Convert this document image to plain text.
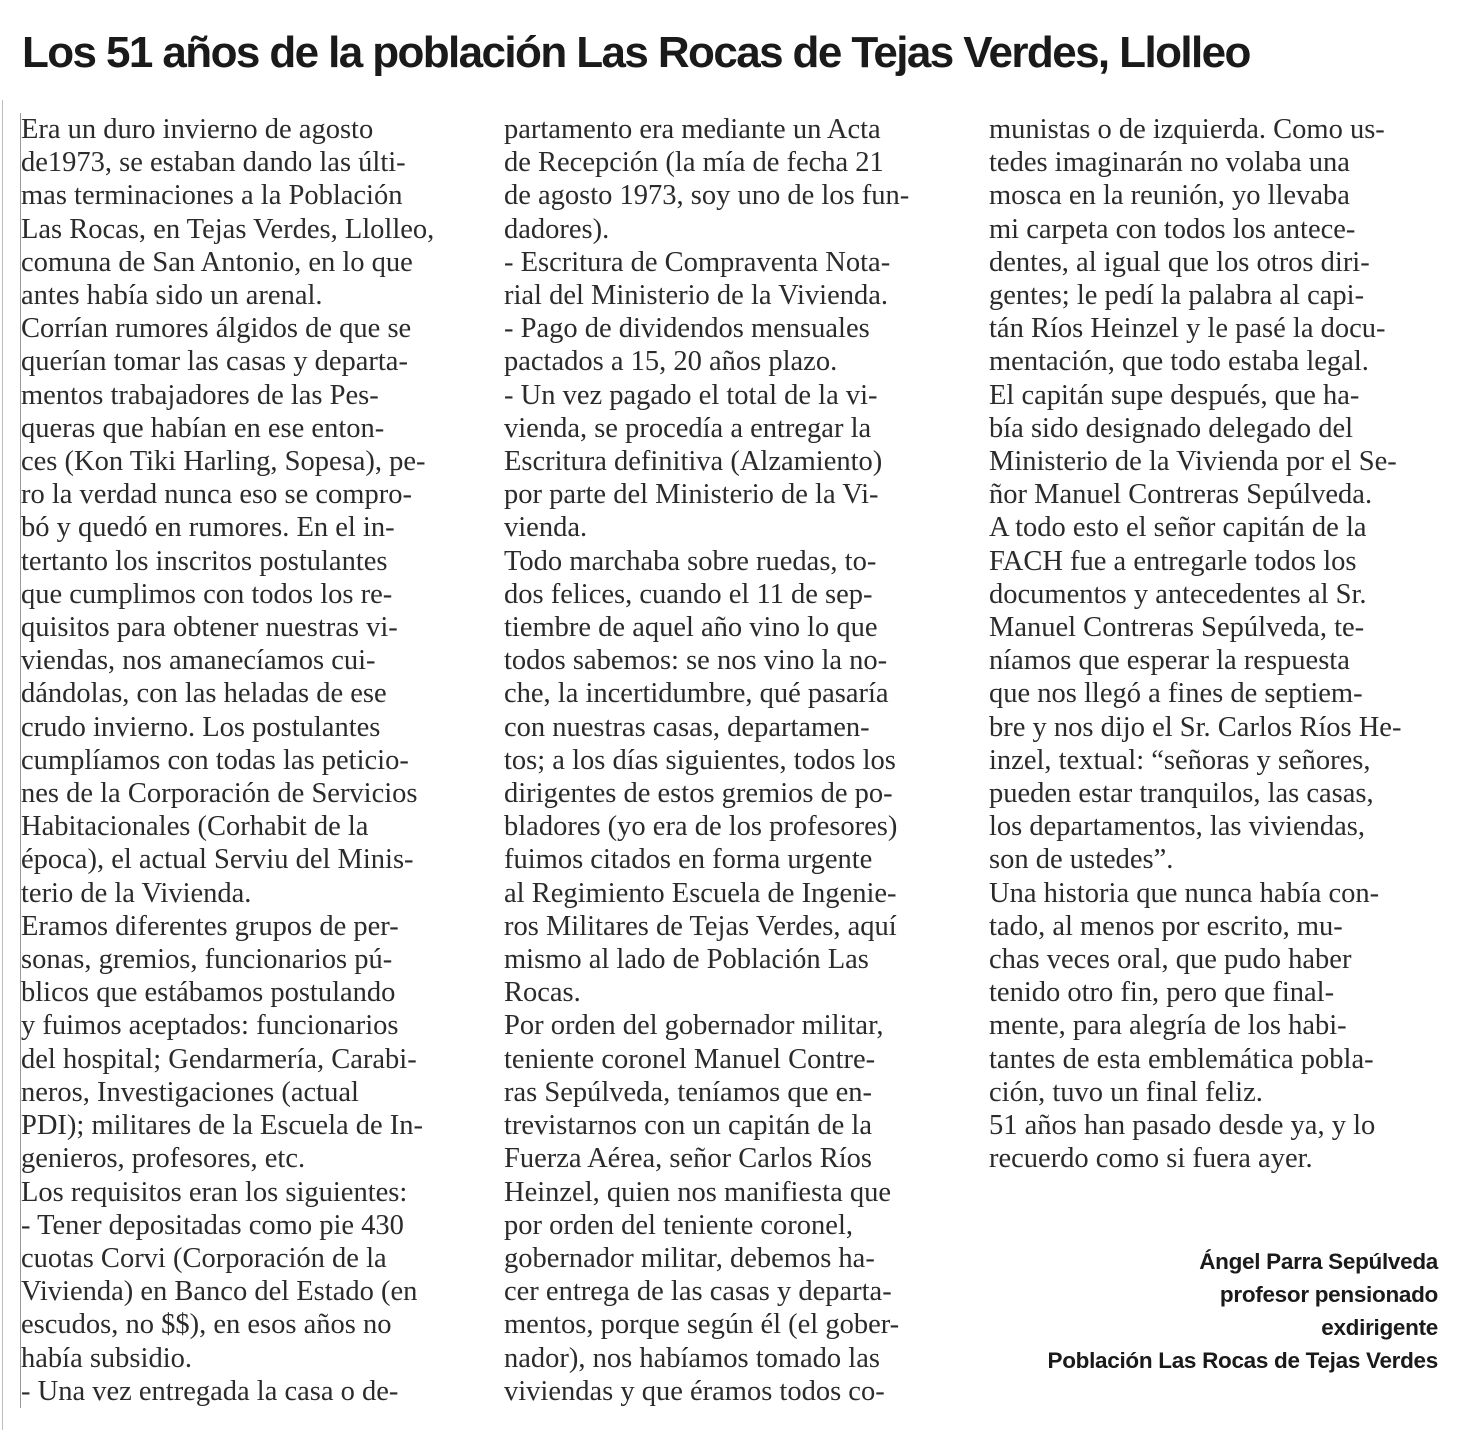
Los 51 años de la población Las Rocas de Tejas Verdes, Llolleo
Era un duro invierno de agosto
de1973, se estaban dando las últi-
mas terminaciones a la Población
Las Rocas, en Tejas Verdes, Llolleo,
comuna de San Antonio, en lo que
antes había sido un arenal.
Corrían rumores álgidos de que se
querían tomar las casas y departa-
mentos trabajadores de las Pes-
queras que habían en ese enton-
ces (Kon Tiki Harling, Sopesa), pe-
ro la verdad nunca eso se compro-
bó y quedó en rumores. En el in-
tertanto los inscritos postulantes
que cumplimos con todos los re-
quisitos para obtener nuestras vi-
viendas, nos amanecíamos cui-
dándolas, con las heladas de ese
crudo invierno. Los postulantes
cumplíamos con todas las peticio-
nes de la Corporación de Servicios
Habitacionales (Corhabit de la
época), el actual Serviu del Minis-
terio de la Vivienda.
Eramos diferentes grupos de per-
sonas, gremios, funcionarios pú-
blicos que estábamos postulando
y fuimos aceptados: funcionarios
del hospital; Gendarmería, Carabi-
neros, Investigaciones (actual
PDI); militares de la Escuela de In-
genieros, profesores, etc.
Los requisitos eran los siguientes:
- Tener depositadas como pie 430
cuotas Corvi (Corporación de la
Vivienda) en Banco del Estado (en
escudos, no $$), en esos años no
había subsidio.
- Una vez entregada la casa o de-
partamento era mediante un Acta
de Recepción (la mía de fecha 21
de agosto 1973, soy uno de los fun-
dadores).
- Escritura de Compraventa Nota-
rial del Ministerio de la Vivienda.
- Pago de dividendos mensuales
pactados a 15, 20 años plazo.
- Un vez pagado el total de la vi-
vienda, se procedía a entregar la
Escritura definitiva (Alzamiento)
por parte del Ministerio de la Vi-
vienda.
Todo marchaba sobre ruedas, to-
dos felices, cuando el 11 de sep-
tiembre de aquel año vino lo que
todos sabemos: se nos vino la no-
che, la incertidumbre, qué pasaría
con nuestras casas, departamen-
tos; a los días siguientes, todos los
dirigentes de estos gremios de po-
bladores (yo era de los profesores)
fuimos citados en forma urgente
al Regimiento Escuela de Ingenie-
ros Militares de Tejas Verdes, aquí
mismo al lado de Población Las
Rocas.
Por orden del gobernador militar,
teniente coronel Manuel Contre-
ras Sepúlveda, teníamos que en-
trevistarnos con un capitán de la
Fuerza Aérea, señor Carlos Ríos
Heinzel, quien nos manifiesta que
por orden del teniente coronel,
gobernador militar, debemos ha-
cer entrega de las casas y departa-
mentos, porque según él (el gober-
nador), nos habíamos tomado las
viviendas y que éramos todos co-
munistas o de izquierda. Como us-
tedes imaginarán no volaba una
mosca en la reunión, yo llevaba
mi carpeta con todos los antece-
dentes, al igual que los otros diri-
gentes; le pedí la palabra al capi-
tán Ríos Heinzel y le pasé la docu-
mentación, que todo estaba legal.
El capitán supe después, que ha-
bía sido designado delegado del
Ministerio de la Vivienda por el Se-
ñor Manuel Contreras Sepúlveda.
A todo esto el señor capitán de la
FACH fue a entregarle todos los
documentos y antecedentes al Sr.
Manuel Contreras Sepúlveda, te-
níamos que esperar la respuesta
que nos llegó a fines de septiem-
bre y nos dijo el Sr. Carlos Ríos He-
inzel, textual: “señoras y señores,
pueden estar tranquilos, las casas,
los departamentos, las viviendas,
son de ustedes”.
Una historia que nunca había con-
tado, al menos por escrito, mu-
chas veces oral, que pudo haber
tenido otro fin, pero que final-
mente, para alegría de los habi-
tantes de esta emblemática pobla-
ción, tuvo un final feliz.
51 años han pasado desde ya, y lo
recuerdo como si fuera ayer.
Ángel Parra Sepúlveda
profesor pensionado
exdirigente
Población Las Rocas de Tejas Verdes
